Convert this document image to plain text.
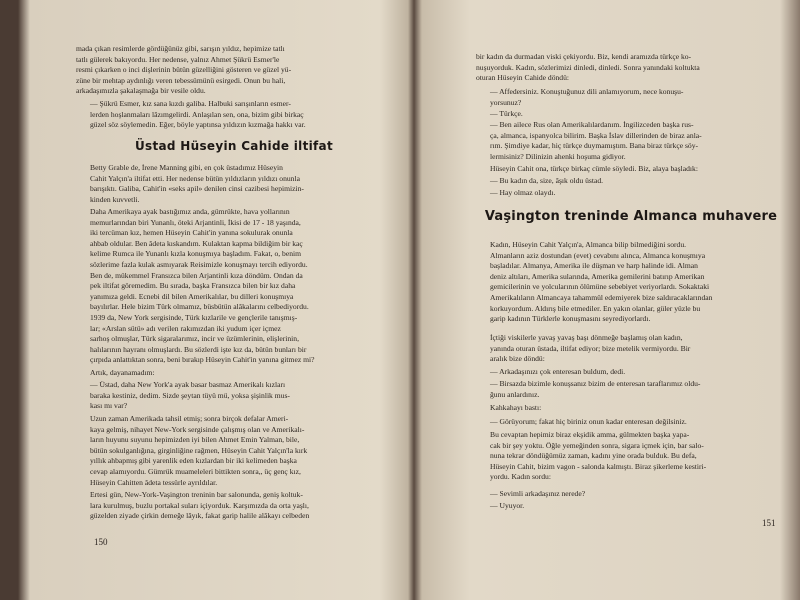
mada çıkan resimlerde gördüğünüz gibi, sarışın yıldız, hepimize tatlı
tatlı gülerek bakıyordu. Her nedense, yalnız Ahmet Şükrü Esmer'le
resmi çıkarken o inci dişlerinin bütün güzelliğini gösteren ve güzel yü-
züne bir mehtap aydınlığı veren tebessümünü esirgedi. Onun bu hali,
arkadaşımızla şakalaşmağa bir vesile oldu.

— Şükrü Esmer, kız sana kızdı galiba. Halbuki sarışınların esmer-
lerden hoşlanmaları lâzımgelirdi. Anlaşılan sen, ona, bizim gibi birkaç
güzel söz söylemedin. Eğer, böyle yaptınsa yıldızın kızmağa hakkı var.

Üstad Hüseyin Cahide iltifat

Betty Grable de, İrene Manning gibi, en çok üstadımız Hüseyin
Cahit Yalçın'a iltifat etti. Her nedense bütün yıldızların yıldızı onunla
barışıktı. Galiba, Cahit'in «seks apil» denilen cinsi cazibesi hepimizin-
kinden kuvvetli.

Daha Amerikaya ayak bastığımız anda, gümrükte, hava yollarının
memurlarından biri Yunanlı, öteki Arjantinli, İkisi de 17 - 18 yaşında,
iki tercüman kız, hemen Hüseyin Cahit'in yanına sokulurak onunla
ahbab oldular. Ben âdeta kıskandım. Kulaktan kapma bildiğim bir kaç
kelime Rumca ile Yunanlı kızla konuşmıya başladım. Fakat, o, benim
sözlerime fazla kulak asmıyarak Reisimizle konuşmayı tercih ediyordu.
Ben de, mükemmel Fransızca bilen Arjantinli kıza döndüm. Ondan da
pek iltifat göremedim. Bu sırada, başka Fransızca bilen bir kız daha
yanımıza geldi. Ecnebi dil bilen Amerikalılar, bu dilleri konuşmıya
bayılırlar. Hele bizim Türk olmamız, büsbütün alâkalarını celbediyordu.
1939 da, New York sergisinde, Türk kızlarile ve gençlerile tanışmış-
lar; «Arslan sütü» adı verilen rakımızdan iki yudum içer içmez
sarhoş olmuşlar, Türk sigaralarımız, incir ve üzümlerinin, elişlerinin,
halılarının hayranı olmuşlardı. Bu sözlerdi işte kız da, bütün bunları bir
çırpıda anlattıktan sonra, beni bırakıp Hüseyin Cahit'in yanına gitmez mi?

Artık, dayanamadım:

— Üstad, daha New York'a ayak basar basmaz Amerikalı kızları
baraka kestiniz, dedim. Sizde şeytan tüyü mü, yoksa şişinlik mus-
kası mı var?

Uzun zaman Amerikada tahsil etmiş; sonra birçok defalar Ameri-
kaya gelmiş, nihayet New-York sergisinde çalışmış olan ve Amerikalı-
ların huyunu suyunu hepimizden iyi bilen Ahmet Emin Yalman, bile,
bütün sokulganlığına, girginliğine rağmen, Hüseyin Cahit Yalçın'la kırk
yıllık ahbapmış gibi yarenlik eden kızlardan bir iki kelimeden başka
cevap alamıyordu. Gümrük muameleleri bittikten sonra,, üç genç kız,
Hüseyin Cahitten âdeta tessürle ayrıldılar.

Ertesi gün, New-York-Vaşington treninin bar salonunda, geniş koltuk-
lara kurulmuş, buzlu portakal suları içiyorduk. Karşımızda da orta yaşlı,
güzelden ziyade çirkin demeğe lâyık, fakat garip halile alâkayı celbeden

150

bir kadın da durmadan viski çekiyordu. Biz, kendi aramızda türkçe ko-
nuşuyorduk. Kadın, sözlerimizi dinledi, dinledi. Sonra yanındaki koltukta
oturan Hüseyin Cahide döndü:

— Affedersiniz. Konuştuğunuz dili anlamıyorum, nece konuşu-
yorsunuz?

— Türkçe.

— Ben ailece Rus olan Amerikalılardanım. İngilizceden başka rus-
ça, almanca, ispanyolca bilirim. Başka İslav dillerinden de biraz anla-
rım. Şimdiye kadar, hiç türkçe duymamıştım. Bana biraz türkçe söy-
lermisiniz? Dilinizin ahenki hoşuma gidiyor.

Hüseyin Cahit ona, türkçe birkaç cümle söyledi. Biz, alaya başladık:

— Bu kadın da, size, âşık oldu üstad.

— Hay olmaz olaydı.

Vaşington treninde Almanca muhavere

Kadın, Hüseyin Cahit Yalçın'a, Almanca bilip bilmediğini sordu.
Almanların aziz dostundan (evet) cevabını alınca, Almanca konuşmıya
başladılar. Almanya, Amerika ile düşman ve harp halinde idi. Alman
deniz altıları, Amerika sularında, Amerika gemilerini batırıp Amerikan
gemicilerinin ve yolcularının ölümüne sebebiyet veriyorlardı. Sokaktaki
Amerikalıların Almancaya tahammül edemiyerek bize saldıracaklarından
korkuyordum. Aldırış bile etmediler. En yakın olanlar, güler yüzle bu
garip kadının Türklerle konuşmasını seyrediyorlardı.

İçtiği viskilerle yavaş yavaş başı dönmeğe başlamış olan kadın,
yanında oturan üstada, iltifat ediyor; bize metelik vermiyordu. Bir
aralık bize döndü:

— Arkadaşınızı çok enteresan buldum, dedi.

— Birsazda bizimle konuşsanız bizim de enteresan taraflarımız oldu-
ğunu anlardınız.

Kahkahayı bastı:

— Görüyorum; fakat hiç biriniz onun kadar enteresan değilsiniz.

Bu cevaptan hepimiz biraz ekşidik amma, gülmekten başka yapa-
cak bir şey yoktu. Öğle yemeğinden sonra, sigara içmek için, bar salo-
nuna tekrar döndüğümüz zaman, kadını yine orada bulduk. Bu defa,
Hüseyin Cahit, bizim vagon - salonda kalmıştı. Biraz şikerleme kestiri-
yordu. Kadın sordu:

— Sevimli arkadaşınız nerede?

— Uyuyor.

151
